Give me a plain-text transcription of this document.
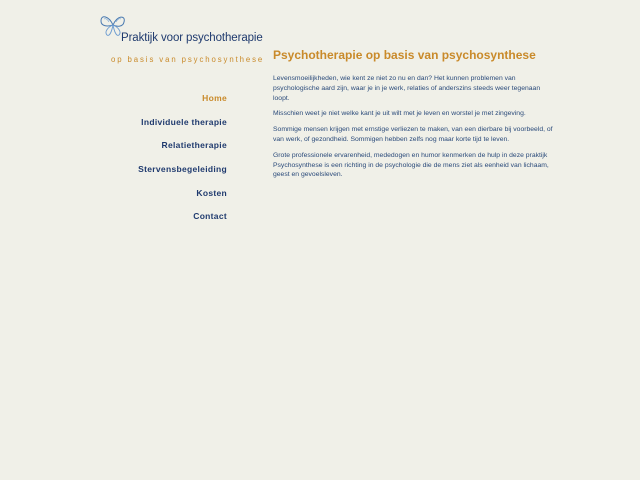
Praktijk voor psychotherapie
op basis van psychosynthese
Home
Individuele therapie
Relatietherapie
Stervensbegeleiding
Kosten
Contact
Psychotherapie op basis van psychosynthese

Levensmoeilijkheden, wie kent ze niet zo nu en dan? Het kunnen problemen van psychologische aard zijn, waar je in je werk, relaties of anderszins steeds weer tegenaan loopt.

Misschien weet je niet welke kant je uit wilt met je leven en worstel je met zingeving.

Sommige mensen krijgen met ernstige verliezen te maken, van een dierbare bij voorbeeld, of van werk, of gezondheid. Sommigen hebben zelfs nog maar korte tijd te leven.

Grote professionele ervarenheid, mededogen en humor kenmerken de hulp in deze praktijk Psychosynthese is een richting in de psychologie die de mens ziet als eenheid van lichaam, geest en gevoelsleven.
